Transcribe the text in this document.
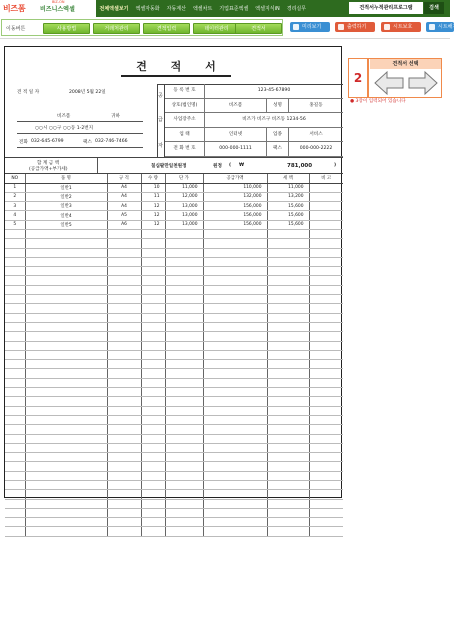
비즈폼
BIZ-ON
비즈니스엑셀	전체엑셀보기	엑셀자동화	자동계산	엑셀차트	기업표준엑셀	엑셀지식iN	경리실무	견적서누적관리프로그램	검색
이동버튼	사용방법	거래처관리	견적입력	데이터관리	견적서	미리보기	출력하기	시트보호	시트해제
견 적 서
견 적 일 자	2008년 5월 22일
비즈폼	귀하
○○시 ○○구 ○○동 1-2번지
전화 032-645-6799	팩스 032-746-7466
공
급
자
등 록 번 호	123-45-67890
상호(법인명)	비즈폼	성명	홍길동
사업장주소	비즈가 비즈구 비즈동 1234-56
업 태	인터넷	업종	서비스
전 화 번 호	000-000-1111	팩스	000-000-2222
합 계 금 액
(공급가액+부가세)
칠십팔만일천원정	원정 ( ₩	781,000	)
NO	품 명	규 격	수 량	단 가	공급가액	세 액	비 고
1	일반1	A4	10	11,000	110,000	11,000	
2	일반2	A4	11	12,000	132,000	13,200	
3	일반3	A4	12	13,000	156,000	15,600	
4	일반4	A5	12	13,000	156,000	15,600	
5	일반5	A6	12	13,000	156,000	15,600	

2
견적서 선택
● 3장이 입력되어 있습니다
